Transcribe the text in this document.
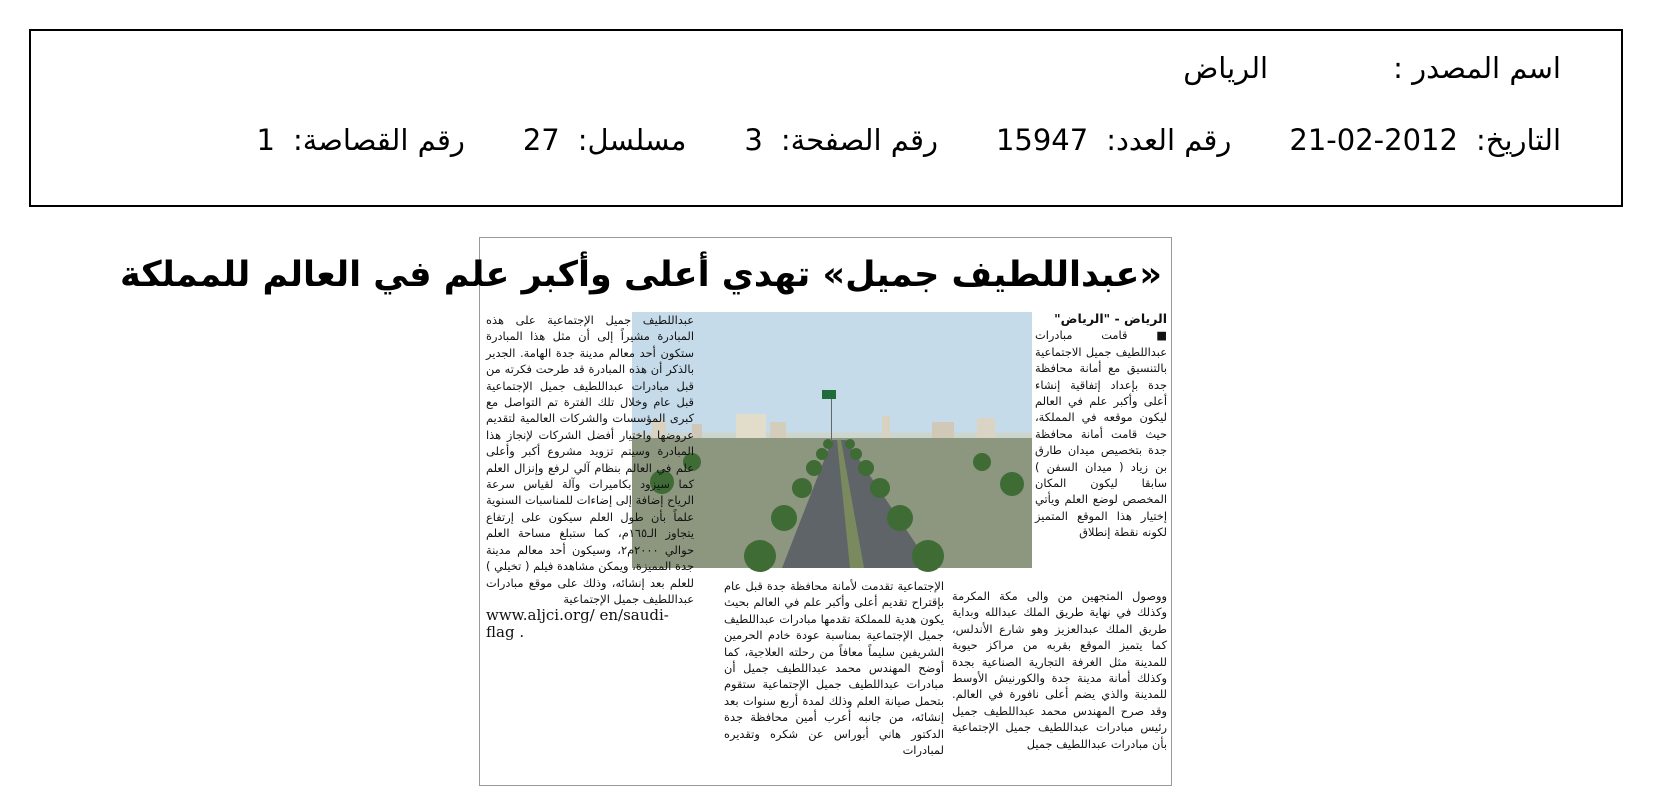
اسم المصدر :الرياض
التاريخ:21-02-2012رقم العدد:15947رقم الصفحة:3مسلسل:27رقم القصاصة:1
«عبداللطيف جميل» تهدي أعلى وأكبر علم في العالم للمملكة

الرياض - "الرياض"

■ قامت مبادرات عبداللطيف جميل الاجتماعية بالتنسيق مع أمانة محافظة جدة بإعداد إتفاقية إنشاء أعلى وأكبر علم في العالم ليكون موقعه في المملكة، حيث قامت أمانة محافظة جدة بتخصيص ميدان طارق بن زياد ( ميدان السفن ) سابقا ليكون المكان المخصص لوضع العلم ويأتي إختيار هذا الموقع المتميز لكونه نقطة إنطلاق

ووصول المتجهين من والى مكة المكرمة وكذلك في نهاية طريق الملك عبدالله وبداية طريق الملك عبدالعزيز وهو شارع الأندلس، كما يتميز الموقع بقربه من مراكز حيوية للمدينة مثل الغرفة التجارية الصناعية بجدة وكذلك أمانة مدينة جدة والكورنيش الأوسط للمدينة والذي يضم أعلى نافورة في العالم. وقد صرح المهندس محمد عبداللطيف جميل رئيس مبادرات عبداللطيف جميل الإجتماعية بأن مبادرات عبداللطيف جميل

الإجتماعية تقدمت لأمانة محافظة جدة قبل عام بإقتراح تقديم أعلى وأكبر علم في العالم بحيث يكون هدية للمملكة تقدمها مبادرات عبداللطيف جميل الإجتماعية بمناسبة عودة خادم الحرمين الشريفين سليماً معافاً من رحلته العلاجية، كما أوضح المهندس محمد عبداللطيف جميل أن مبادرات عبداللطيف جميل الإجتماعية ستقوم بتحمل صيانة العلم وذلك لمدة أربع سنوات بعد إنشائه، من جانبه أعرب أمين محافظة جدة الدكتور هاني أبوراس عن شكره وتقديره لمبادرات

عبداللطيف جميل الإجتماعية على هذه المبادرة مشيراً إلى أن مثل هذا المبادرة ستكون أحد معالم مدينة جدة الهامة. الجدير بالذكر أن هذه المبادرة قد طرحت فكرته من قبل مبادرات عبداللطيف جميل الإجتماعية قبل عام وخلال تلك الفترة تم التواصل مع كبرى المؤسسات والشركات العالمية لتقديم عروضها واختيار أفضل الشركات لإنجاز هذا المبادرة وسيتم تزويد مشروع أكبر وأعلى علم في العالم بنظام آلي لرفع وإنزال العلم كما سيزود بكاميرات وآلة لقياس سرعة الرياح إضافة إلى إضاءات للمناسبات السنوية علماً بأن طول العلم سيكون على إرتفاع يتجاوز الـ١٦٥م، كما ستبلغ مساحة العلم حوالي ٢٠٠٠م٢، وسيكون أحد معالم مدينة جدة المميزة، ويمكن مشاهدة فيلم ( تخيلي ) للعلم بعد إنشائه، وذلك على موقع مبادرات عبداللطيف جميل الإجتماعية

www.aljci.org/ en/saudi-flag .
